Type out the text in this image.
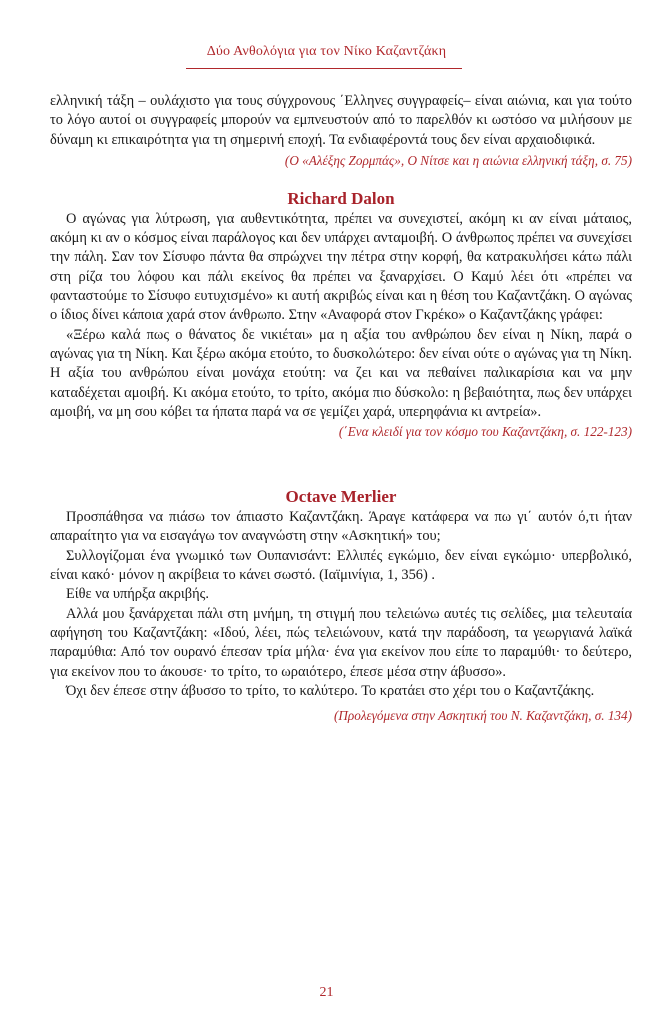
Δύο Ανθολόγια για τον Νίκο Καζαντζάκη

ελληνική τάξη – ουλάχιστο για τους σύγχρονους ΄Ελληνες συγγραφείς– είναι αιώνια, και για τούτο το λόγο αυτοί οι συγγραφείς μπορούν να εμπνευστούν από το παρελθόν κι ωστόσο να μιλήσουν με δύναμη κι επικαιρότητα για τη σημερινή εποχή. Τα ενδιαφέροντά τους δεν είναι αρχαιοδιφικά.

(Ο «Αλέξης Ζορμπάς», Ο Νίτσε και η αιώνια ελληνική τάξη, σ. 75)

Richard Dalon

Ο αγώνας για λύτρωση, για αυθεντικότητα, πρέπει να συνεχιστεί, ακόμη κι αν είναι μάταιος, ακόμη κι αν ο κόσμος είναι παράλογος και δεν υπάρχει ανταμοιβή. Ο άνθρωπος πρέπει να συνεχίσει την πάλη. Σαν τον Σίσυφο πάντα θα σπρώχνει την πέτρα στην κορφή, θα κατρακυλήσει κάτω πάλι στη ρίζα του λόφου και πάλι εκείνος θα πρέπει να ξαναρχίσει. Ο Καμύ λέει ότι «πρέπει να φανταστούμε το Σίσυφο ευτυχισμένο» κι αυτή ακριβώς είναι και η θέση του Καζαντζάκη. Ο αγώνας ο ίδιος δίνει κάποια χαρά στον άνθρωπο. Στην «Αναφορά στον Γκρέκο» ο Καζαντζάκης γράφει:

«Ξέρω καλά πως ο θάνατος δε νικιέται» μα η αξία του ανθρώπου δεν είναι η Νίκη, παρά ο αγώνας για τη Νίκη. Και ξέρω ακόμα ετούτο, το δυσκολώτερο: δεν είναι ούτε ο αγώνας για τη Νίκη. Η αξία του ανθρώπου είναι μονάχα ετούτη: να ζει και να πεθαίνει παλικαρίσια και να μην καταδέχεται αμοιβή. Κι ακόμα ετούτο, το τρίτο, ακόμα πιο δύσκολο: η βεβαιότητα, πως δεν υπάρχει αμοιβή, να μη σου κόβει τα ήπατα παρά να σε γεμίζει χαρά, υπερηφάνια κι αντρεία».

(΄Ενα κλειδί για τον κόσμο του Καζαντζάκη, σ. 122-123)

Octave Merlier

Προσπάθησα να πιάσω τον άπιαστο Καζαντζάκη. Άραγε κατάφερα να πω γι΄ αυτόν ό,τι ήταν απαραίτητο για να εισαγάγω τον αναγνώστη στην «Ασκητική» του;

Συλλογίζομαι ένα γνωμικό των Ουπανισάντ: Ελλιπές εγκώμιο, δεν είναι εγκώμιο· υπερβολικό, είναι κακό· μόνον η ακρίβεια το κάνει σωστό. (Ιαϊμινίγια, 1, 356) .

Είθε να υπήρξα ακριβής.

Αλλά μου ξανάρχεται πάλι στη μνήμη, τη στιγμή που τελειώνω αυτές τις σελίδες, μια τελευταία αφήγηση του Καζαντζάκη: «Ιδού, λέει, πώς τελειώνουν, κατά την παράδοση, τα γεωργιανά λαϊκά παραμύθια: Από τον ουρανό έπεσαν τρία μήλα· ένα για εκείνον που είπε το παραμύθι· το δεύτερο, για εκείνον που το άκουσε· το τρίτο, το ωραιότερο, έπεσε μέσα στην άβυσσο».

Όχι δεν έπεσε στην άβυσσο το τρίτο, το καλύτερο. Το κρατάει στο χέρι του ο Καζαντζάκης.

(Προλεγόμενα στην Ασκητική του Ν. Καζαντζάκη, σ. 134)

21
